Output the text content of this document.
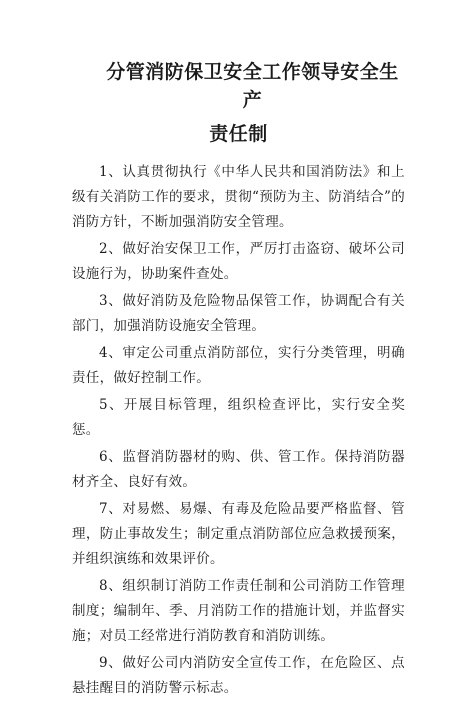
分管消防保卫安全工作领导安全生产
责任制

1、认真贯彻执行《中华人民共和国消防法》和上级有关消防工作的要求，贯彻“预防为主、防消结合”的消防方针，不断加强消防安全管理。

2、做好治安保卫工作，严厉打击盗窃、破坏公司设施行为，协助案件查处。

3、做好消防及危险物品保管工作，协调配合有关部门，加强消防设施安全管理。

4、审定公司重点消防部位，实行分类管理，明确责任，做好控制工作。

5、开展目标管理，组织检查评比，实行安全奖惩。

6、监督消防器材的购、供、管工作。保持消防器材齐全、良好有效。

7、对易燃、易爆、有毒及危险品要严格监督、管理，防止事故发生；制定重点消防部位应急救援预案，并组织演练和效果评价。

8、组织制订消防工作责任制和公司消防工作管理制度；编制年、季、月消防工作的措施计划，并监督实施；对员工经常进行消防教育和消防训练。

9、做好公司内消防安全宣传工作，在危险区、点悬挂醒目的消防警示标志。
